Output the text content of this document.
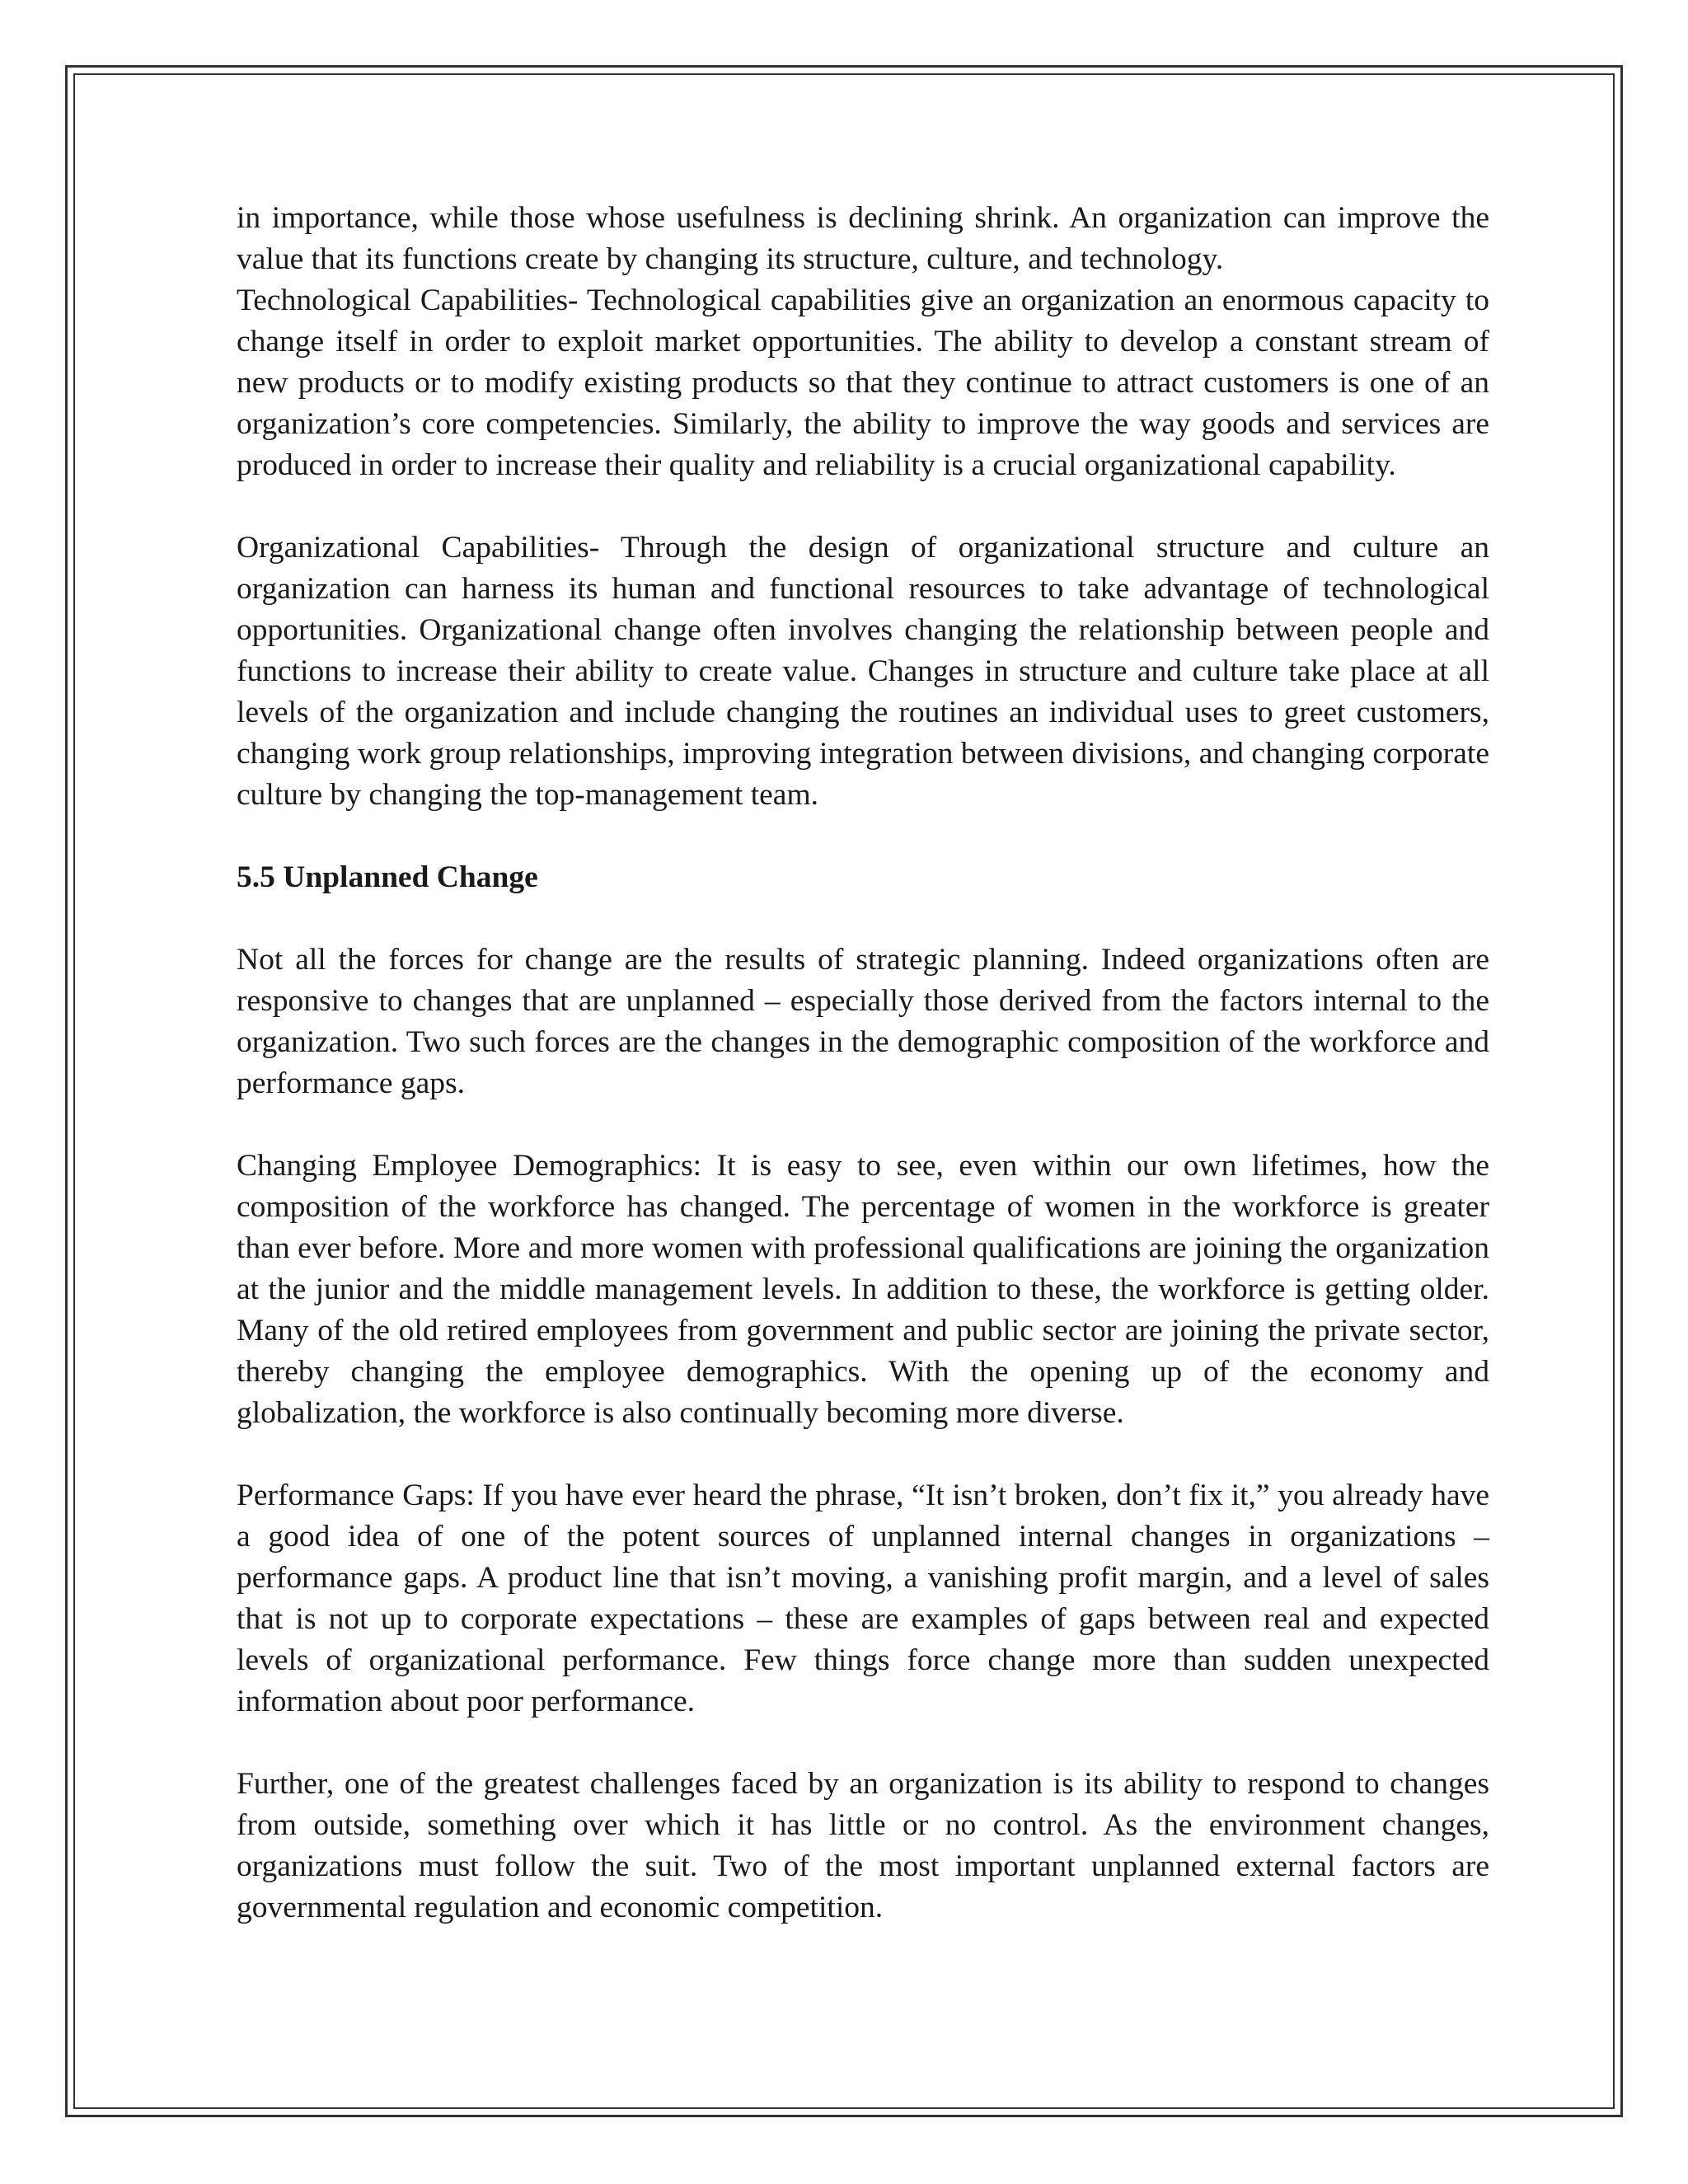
in importance, while those whose usefulness is declining shrink. An organization can improve the value that its functions create by changing its structure, culture, and technology.

Technological Capabilities- Technological capabilities give an organization an enormous capacity to change itself in order to exploit market opportunities. The ability to develop a constant stream of new products or to modify existing products so that they continue to attract customers is one of an organization’s core competencies. Similarly, the ability to improve the way goods and services are produced in order to increase their quality and reliability is a crucial organizational capability.

Organizational Capabilities- Through the design of organizational structure and culture an organization can harness its human and functional resources to take advantage of technological opportunities. Organizational change often involves changing the relationship between people and functions to increase their ability to create value. Changes in structure and culture take place at all levels of the organization and include changing the routines an individual uses to greet customers, changing work group relationships, improving integration between divisions, and changing corporate culture by changing the top-management team.

5.5 Unplanned Change

Not all the forces for change are the results of strategic planning. Indeed organizations often are responsive to changes that are unplanned – especially those derived from the factors internal to the organization. Two such forces are the changes in the demographic composition of the workforce and performance gaps.

Changing Employee Demographics: It is easy to see, even within our own lifetimes, how the composition of the workforce has changed. The percentage of women in the workforce is greater than ever before. More and more women with professional qualifications are joining the organization at the junior and the middle management levels. In addition to these, the workforce is getting older. Many of the old retired employees from government and public sector are joining the private sector, thereby changing the employee demographics. With the opening up of the economy and globalization, the workforce is also continually becoming more diverse.

Performance Gaps: If you have ever heard the phrase, “It isn’t broken, don’t fix it,” you already have a good idea of one of the potent sources of unplanned internal changes in organizations – performance gaps. A product line that isn’t moving, a vanishing profit margin, and a level of sales that is not up to corporate expectations – these are examples of gaps between real and expected levels of organizational performance. Few things force change more than sudden unexpected information about poor performance.

Further, one of the greatest challenges faced by an organization is its ability to respond to changes from outside, something over which it has little or no control. As the environment changes, organizations must follow the suit. Two of the most important unplanned external factors are governmental regulation and economic competition.
